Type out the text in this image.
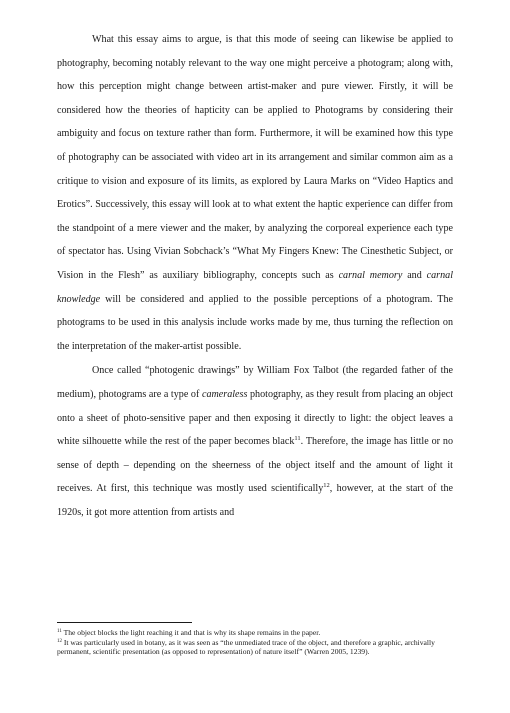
What this essay aims to argue, is that this mode of seeing can likewise be applied to photography, becoming notably relevant to the way one might perceive a photogram; along with, how this perception might change between artist-maker and pure viewer. Firstly, it will be considered how the theories of hapticity can be applied to Photograms by considering their ambiguity and focus on texture rather than form. Furthermore, it will be examined how this type of photography can be associated with video art in its arrangement and similar common aim as a critique to vision and exposure of its limits, as explored by Laura Marks on “Video Haptics and Erotics”. Successively, this essay will look at to what extent the haptic experience can differ from the standpoint of a mere viewer and the maker, by analyzing the corporeal experience each type of spectator has. Using Vivian Sobchack’s “What My Fingers Knew: The Cinesthetic Subject, or Vision in the Flesh” as auxiliary bibliography, concepts such as carnal memory and carnal knowledge will be considered and applied to the possible perceptions of a photogram. The photograms to be used in this analysis include works made by me, thus turning the reflection on the interpretation of the maker-artist possible.

Once called “photogenic drawings” by William Fox Talbot (the regarded father of the medium), photograms are a type of cameraless photography, as they result from placing an object onto a sheet of photo-sensitive paper and then exposing it directly to light: the object leaves a white silhouette while the rest of the paper becomes black$^{11}$. Therefore, the image has little or no sense of depth – depending on the sheerness of the object itself and the amount of light it receives. At first, this technique was mostly used scientifically$^{12}$, however, at the start of the 1920s, it got more attention from artists and

$^{11}$ The object blocks the light reaching it and that is why its shape remains in the paper.

$^{12}$ It was particularly used in botany, as it was seen as “the unmediated trace of the object, and therefore a graphic, archivally permanent, scientific presentation (as opposed to representation) of nature itself” (Warren 2005, 1239).
